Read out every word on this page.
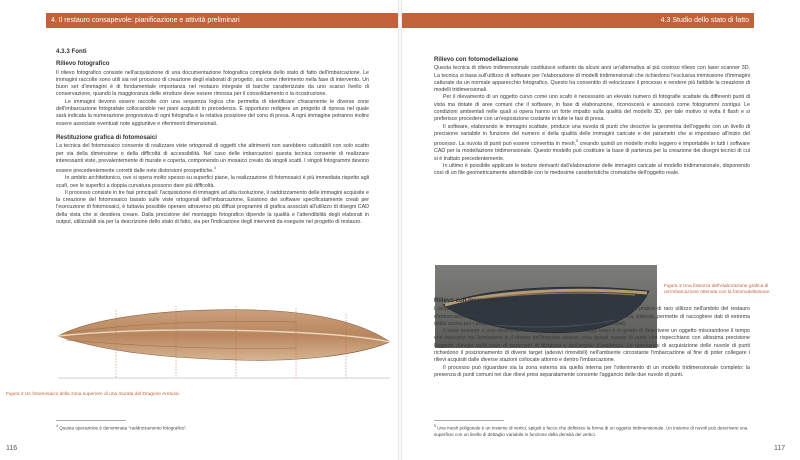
4. Il restauro consapevole: pianificazione e attività preliminari
4.3.3 Fonti
Rilievo fotografico

Il rilievo fotografico consiste nell'acquisizione di una documentazione fotografica completa dello stato di fatto dell'imbarcazione. Le immagini raccolte sono utili sia nel processo di creazione degli elaborati di progetto, sia come riferimento nella fase di intervento. Un buon set d'immagini è di fondamentale importanza nel restauro integrale di barche caratterizzate da uno scarso livello di conservazione, quando la maggioranza delle strutture deve essere rimossa per il consolidamento o la ricostruzione.

Le immagini devono essere raccolte con una sequenza logica che permetta di identificare chiaramente le diverse zone dell'imbarcazione fotografate collocandole nei piani acquisiti in precedenza. È opportuno redigere un progetto di ripresa nel quale sarà indicata la numerazione progressiva di ogni fotografia e la relativa posizione del cono di presa. A ogni immagine potranno inoltre essere associate eventuali note aggiuntive e riferimenti dimensionali.

Restituzione grafica di fotomosaici

La tecnica del fotomosaico consente di realizzare viste ortogonali di oggetti che altrimenti non sarebbero catturabili con solo scatto per via della dimensione o della difficoltà di accessibilità. Nel caso delle imbarcazioni questa tecnica consente di realizzare interessanti viste, prevalentemente di murate e coperta, componendo un mosaico creato da singoli scatti. I singoli fotogrammi devono essere precedentemente corretti dalle note distorsioni prospettiche.$^4$

In ambito architettonico, ove si opera molto spesso su superfici piane, la realizzazione di fotomosaici è più immediata rispetto agli scafi, ove le superfici a doppia curvatura possono dare più difficoltà.

Il processo consiste in tre fasi principali: l'acquisizione di immagini ad alta risoluzione, il raddrizzamento delle immagini acquisite e la creazione del fotomosaico basato sulle viste ortogonali dell'imbarcazione. Esistono dei software specificatamente creati per l'esecuzione di fotomosaici, è tuttavia possibile operare attraverso più diffusi programmi di grafica associati all'utilizzo di disegni CAD della vista che si desidera creare. Dalla precisione del montaggio fotografico dipende la qualità e l'attendibilità degli elaborati in output, utilizzabili sia per la descrizione dello stato di fatto, sia per l'indicazione degli interventi da eseguire nel progetto di restauro.

Figura 2 Un fotomosaico della zona superiore di una murata del Dragone Aretusa.
$^4$ Questa operazione è denominata "raddrizzamento fotografico".
116
4.3 Studio dello stato di fatto
Rilievo con fotomodellazione

Questa tecnica di rilievo tridimensionale costituisce soltanto da alcuni anni un'alternativa al più costoso rilievo con laser scanner 3D. La tecnica si basa sull'utilizzo di software per l'elaborazione di modelli tridimensionali che richiedono l'esclusiva immissione d'immagini catturate da un normale apparecchio fotografico. Questo ha consentito di velocizzare il processo e rendere più fattibile la creazione di modelli tridimensionali.

Per il rilevamento di un oggetto curvo come uno scafo è necessario un elevato numero di fotografie scattate da differenti punti di vista ma dotate di aree comuni che il software, in fase di elaborazione, riconoscerà e assocerà come fotogrammi contigui. Le condizioni ambientali nelle quali si opera hanno un forte impatto sulla qualità del modello 3D, per tale motivo si evita il flash e si preferisce procedere con un'esposizione costante in tutte le fasi di presa.

Il software, elaborando le immagini scattate, produce una nuvola di punti che descrive la geometria dell'oggetto con un livello di precisione variabile in funzione del numero e della qualità delle immagini caricate e dei parametri che si impostano all'inizio del processo. La nuvola di punti può essere convertita in mesh,$^5$ creando quindi un modello molto leggero e importabile in tutti i software CAD per la modellazione tridimensionale. Questo modello può costituire la base di partenza per la creazione dei disegni tecnici di cui si è trattato precedentemente.

In ultimo è possibile applicare le texture derivanti dall'elaborazione delle immagini caricate al modello tridimensionale, disponendo così di un file geometricamente attendibile con le medesime caratteristiche cromatiche dell'oggetto reale.

Figura 3 Una fissezza dell'elaborazione grafica di un'imbarcazione ottenuta con la fotomodellazione.
Rilievo con laser scanner 3D

L'acquisizione del rilievo tridimensionale con l'adozione del laser scanner 3D è una pratica di raro utilizzo nell'ambito del restauro d'imbarcazioni navigante e più di frequente nell'archeologia navale. Questa tecnica, tuttavia, permette di raccogliere dati di estrema utilità anche per i progetti di recupero di unità non destinate a esposizioni museali.

Il laser scanner è uno strumento che tramite l'emissione di raggi laser è in grado di descrivere un oggetto misurandone il tempo che trascorre tra l'emissione e il ritorno dell'impulso stesso; crea quindi nuvole di punti che rispecchiano con altissima precisione l'oggetto rilevato sulla base di parametri di distanza e dell'angolo d'incidenza. Le operazioni di acquisizione delle nuvole di punti richiedono il posizionamento di diversi target (adesivi rimovibili) nell'ambiente circostante l'imbarcazione al fine di poter collegare i rilievi acquisiti dalle diverse stazioni collocate attorno e dentro l'imbarcazione.

Il processo può riguardare sia la zona esterna sia quella interna per l'ottenimento di un modello tridimensionale completo: la presenza di punti comuni nei due rilievi presi separatamente consente l'aggancio delle due nuvole di punti.

$^5$ Una mesh poligonale è un insieme di vertici, spigoli e facce che definisce la forma di un oggetto tridimensionale. Un insieme di nuvoli può descrivere una superficie con un livello di dettaglio variabile in funzione della densità dei vertici.
117
